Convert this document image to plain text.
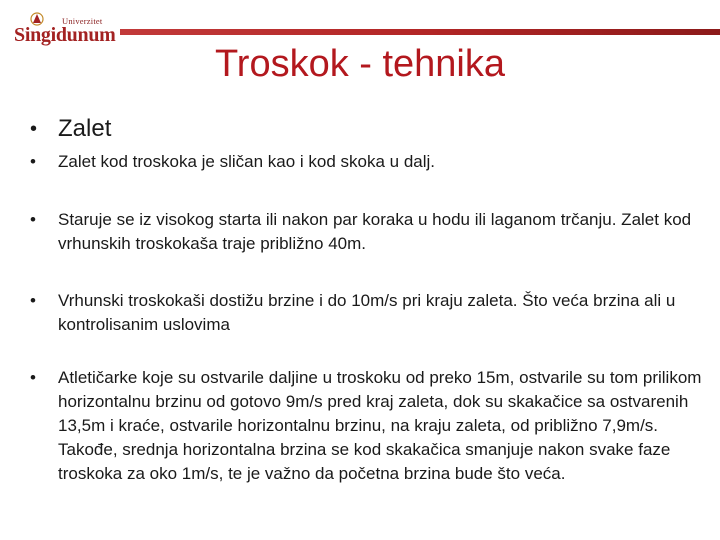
Univerzitet
Singidunum
Troskok - tehnika
• Zalet
•	Zalet kod troskoka je sličan kao i kod skoka u dalj.
•	Staruje se iz visokog starta ili nakon par koraka u hodu ili laganom trčanju. Zalet kod vrhunskih troskokaša traje približno 40m.
•	Vrhunski troskokaši dostižu brzine i do 10m/s pri kraju zaleta. Što veća brzina ali u kontrolisanim uslovima
•	Atletičarke koje su ostvarile daljine u troskoku od preko 15m, ostvarile su tom prilikom horizontalnu brzinu od gotovo 9m/s pred kraj zaleta, dok su skakačice sa ostvarenih 13,5m i kraće, ostvarile horizontalnu brzinu, na kraju zaleta, od približno 7,9m/s. Takođe, srednja horizontalna brzina se kod skakačica smanjuje nakon svake faze troskoka za oko 1m/s, te je važno da početna brzina bude što veća.
